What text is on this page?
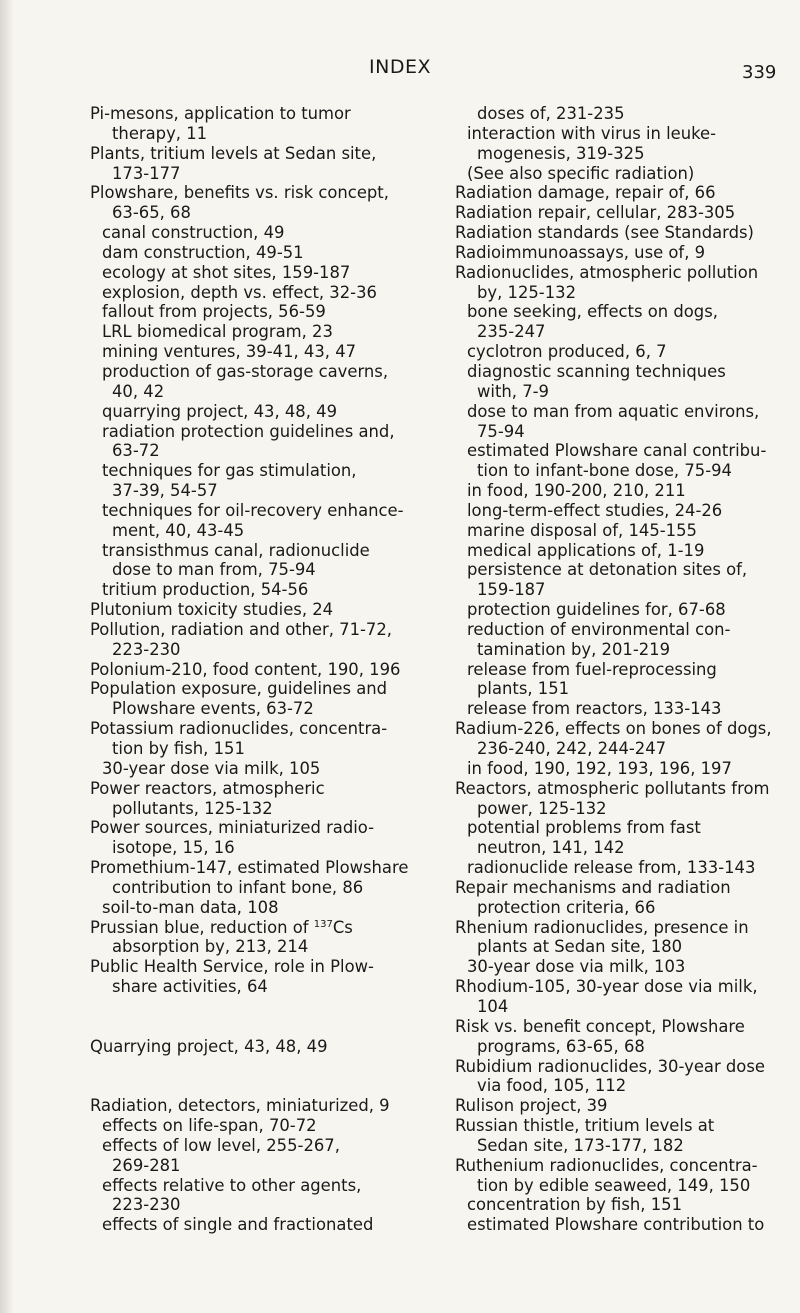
INDEX	339
Pi-mesons, application to tumor
therapy, 11
Plants, tritium levels at Sedan site,
173-177
Plowshare, benefits vs. risk concept,
63-65, 68
canal construction, 49
dam construction, 49-51
ecology at shot sites, 159-187
explosion, depth vs. effect, 32-36
fallout from projects, 56-59
LRL biomedical program, 23
mining ventures, 39-41, 43, 47
production of gas-storage caverns,
40, 42
quarrying project, 43, 48, 49
radiation protection guidelines and,
63-72
techniques for gas stimulation,
37-39, 54-57
techniques for oil-recovery enhance-
ment, 40, 43-45
transisthmus canal, radionuclide
dose to man from, 75-94
tritium production, 54-56
Plutonium toxicity studies, 24
Pollution, radiation and other, 71-72,
223-230
Polonium-210, food content, 190, 196
Population exposure, guidelines and
Plowshare events, 63-72
Potassium radionuclides, concentra-
tion by fish, 151
30-year dose via milk, 105
Power reactors, atmospheric
pollutants, 125-132
Power sources, miniaturized radio-
isotope, 15, 16
Promethium-147, estimated Plowshare
contribution to infant bone, 86
soil-to-man data, 108
Prussian blue, reduction of $^{137}$Cs
absorption by, 213, 214
Public Health Service, role in Plow-
share activities, 64
Quarrying project, 43, 48, 49
Radiation, detectors, miniaturized, 9
effects on life-span, 70-72
effects of low level, 255-267,
269-281
effects relative to other agents,
223-230
effects of single and fractionated
doses of, 231-235
interaction with virus in leuke-
mogenesis, 319-325
(See also specific radiation)
Radiation damage, repair of, 66
Radiation repair, cellular, 283-305
Radiation standards (see Standards)
Radioimmunoassays, use of, 9
Radionuclides, atmospheric pollution
by, 125-132
bone seeking, effects on dogs,
235-247
cyclotron produced, 6, 7
diagnostic scanning techniques
with, 7-9
dose to man from aquatic environs,
75-94
estimated Plowshare canal contribu-
tion to infant-bone dose, 75-94
in food, 190-200, 210, 211
long-term-effect studies, 24-26
marine disposal of, 145-155
medical applications of, 1-19
persistence at detonation sites of,
159-187
protection guidelines for, 67-68
reduction of environmental con-
tamination by, 201-219
release from fuel-reprocessing
plants, 151
release from reactors, 133-143
Radium-226, effects on bones of dogs,
236-240, 242, 244-247
in food, 190, 192, 193, 196, 197
Reactors, atmospheric pollutants from
power, 125-132
potential problems from fast
neutron, 141, 142
radionuclide release from, 133-143
Repair mechanisms and radiation
protection criteria, 66
Rhenium radionuclides, presence in
plants at Sedan site, 180
30-year dose via milk, 103
Rhodium-105, 30-year dose via milk,
104
Risk vs. benefit concept, Plowshare
programs, 63-65, 68
Rubidium radionuclides, 30-year dose
via food, 105, 112
Rulison project, 39
Russian thistle, tritium levels at
Sedan site, 173-177, 182
Ruthenium radionuclides, concentra-
tion by edible seaweed, 149, 150
concentration by fish, 151
estimated Plowshare contribution to
